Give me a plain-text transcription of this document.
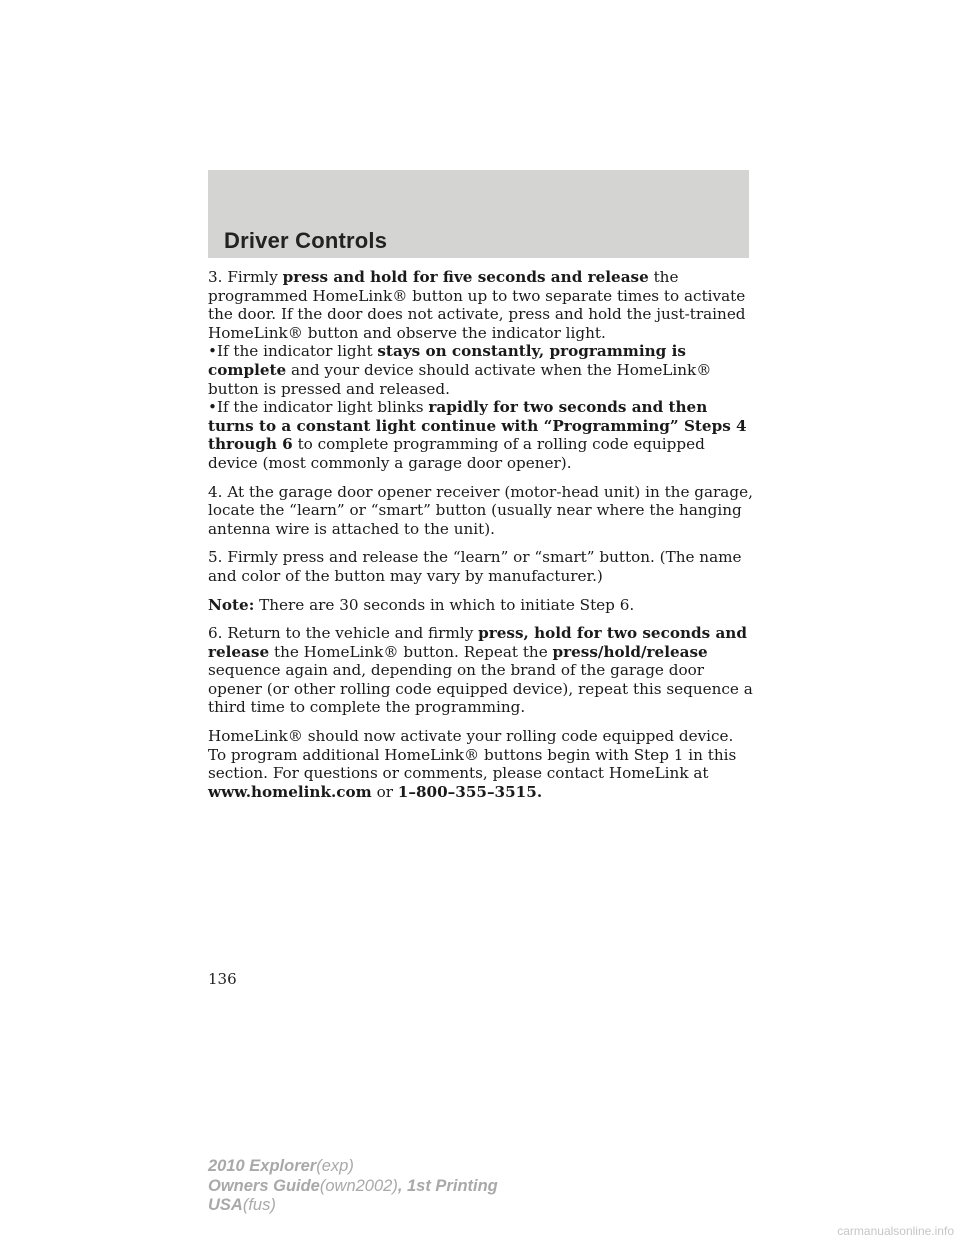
Driver Controls

3. Firmly press and hold for five seconds and release the programmed HomeLink® button up to two separate times to activate the door. If the door does not activate, press and hold the just-trained HomeLink® button and observe the indicator light.

•If the indicator light stays on constantly, programming is complete and your device should activate when the HomeLink® button is pressed and released.

•If the indicator light blinks rapidly for two seconds and then turns to a constant light continue with “Programming” Steps 4 through 6 to complete programming of a rolling code equipped device (most commonly a garage door opener).

4. At the garage door opener receiver (motor-head unit) in the garage, locate the “learn” or “smart” button (usually near where the hanging antenna wire is attached to the unit).

5. Firmly press and release the “learn” or “smart” button. (The name and color of the button may vary by manufacturer.)

Note: There are 30 seconds in which to initiate Step 6.

6. Return to the vehicle and firmly press, hold for two seconds and release the HomeLink® button. Repeat the press/hold/release sequence again and, depending on the brand of the garage door opener (or other rolling code equipped device), repeat this sequence a third time to complete the programming.

HomeLink® should now activate your rolling code equipped device. To program additional HomeLink® buttons begin with Step 1 in this section. For questions or comments, please contact HomeLink at www.homelink.com or 1–800–355–3515.

136
2010 Explorer(exp)
Owners Guide(own2002), 1st Printing
USA(fus)
carmanualsonline.info
